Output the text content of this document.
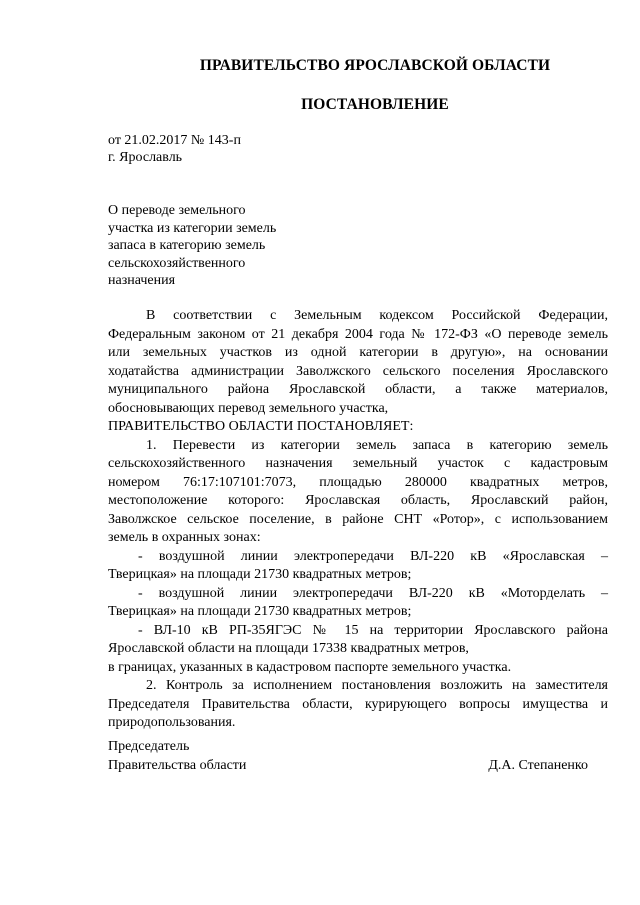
ПРАВИТЕЛЬСТВО ЯРОСЛАВСКОЙ ОБЛАСТИ
ПОСТАНОВЛЕНИЕ
от 21.02.2017 № 143-п
г. Ярославль
О переводе земельного
участка из категории земель
запаса в категорию земель
сельскохозяйственного
назначения
В соответствии с Земельным кодексом Российской Федерации,
Федеральным законом от 21 декабря 2004 года № 172-ФЗ «О переводе земель
или земельных участков из одной категории в другую», на основании
ходатайства администрации Заволжского сельского поселения Ярославского
муниципального района Ярославской области, а также материалов,
обосновывающих перевод земельного участка,
ПРАВИТЕЛЬСТВО ОБЛАСТИ ПОСТАНОВЛЯЕТ:
1. Перевести из категории земель запаса в категорию земель
сельскохозяйственного назначения земельный участок с кадастровым
номером 76:17:107101:7073, площадью 280000 квадратных метров,
местоположение которого: Ярославская область, Ярославский район,
Заволжское сельское поселение, в районе СНТ «Ротор», с использованием
земель в охранных зонах:
- воздушной линии электропередачи ВЛ-220 кВ «Ярославская –
Тверицкая» на площади 21730 квадратных метров;
- воздушной линии электропередачи ВЛ-220 кВ «Моторделать –
Тверицкая» на площади 21730 квадратных метров;
- ВЛ-10 кВ РП-35ЯГЭС № 15 на территории Ярославского района
Ярославской области на площади 17338 квадратных метров,
в границах, указанных в кадастровом паспорте земельного участка.
2. Контроль за исполнением постановления возложить на заместителя
Председателя Правительства области, курирующего вопросы имущества и
природопользования.
Председатель
Правительства области	Д.А. Степаненко
